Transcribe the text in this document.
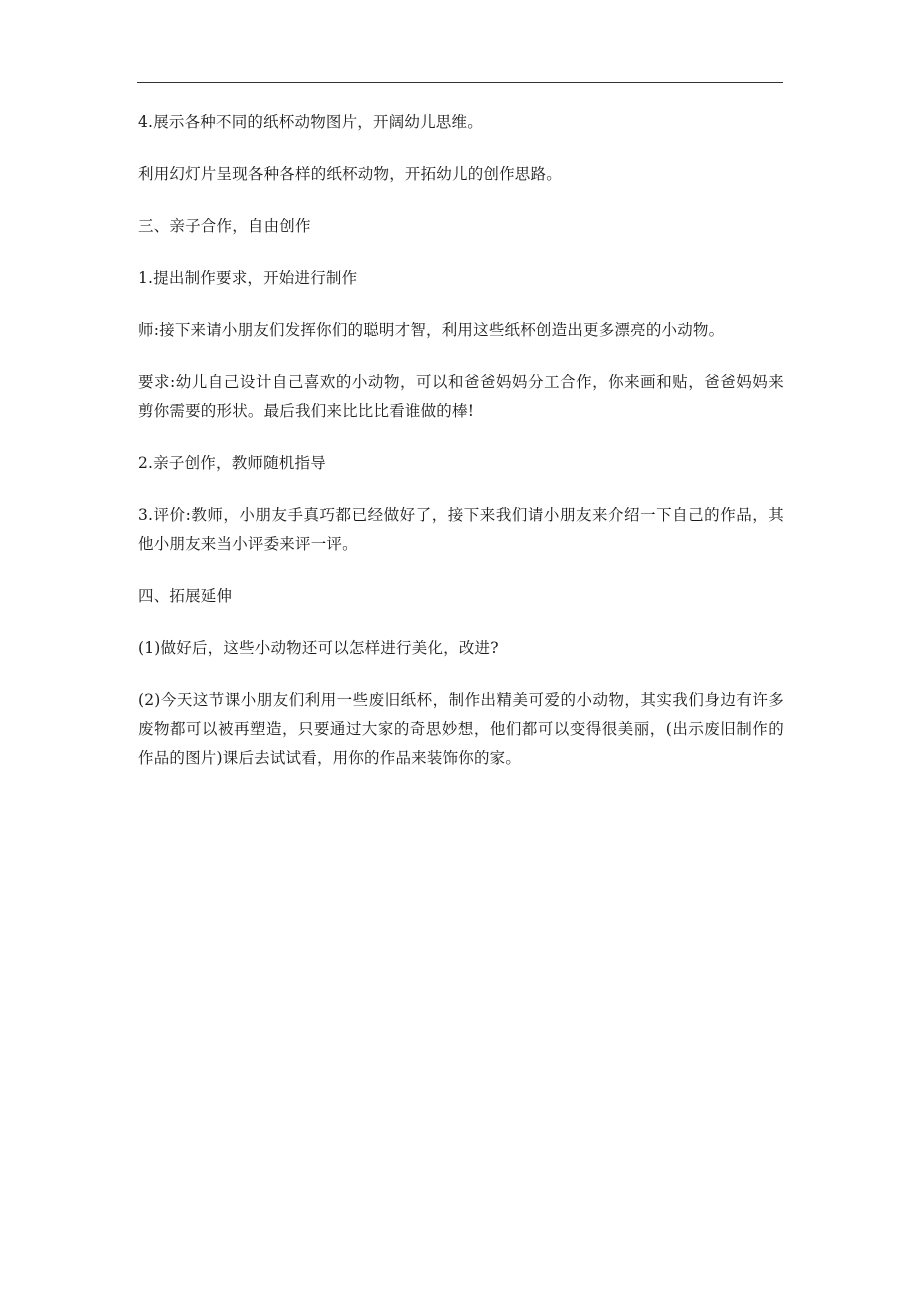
4.展示各种不同的纸杯动物图片，开阔幼儿思维。

利用幻灯片呈现各种各样的纸杯动物，开拓幼儿的创作思路。

三、亲子合作，自由创作

1.提出制作要求，开始进行制作

师:接下来请小朋友们发挥你们的聪明才智，利用这些纸杯创造出更多漂亮的小动物。

要求:幼儿自己设计自己喜欢的小动物，可以和爸爸妈妈分工合作，你来画和贴，爸爸妈妈来剪你需要的形状。最后我们来比比比看谁做的棒!

2.亲子创作，教师随机指导

3.评价:教师，小朋友手真巧都已经做好了，接下来我们请小朋友来介绍一下自己的作品，其他小朋友来当小评委来评一评。

四、拓展延伸

(1)做好后，这些小动物还可以怎样进行美化，改进?

(2)今天这节课小朋友们利用一些废旧纸杯，制作出精美可爱的小动物，其实我们身边有许多废物都可以被再塑造，只要通过大家的奇思妙想，他们都可以变得很美丽，(出示废旧制作的作品的图片)课后去试试看，用你的作品来装饰你的家。
